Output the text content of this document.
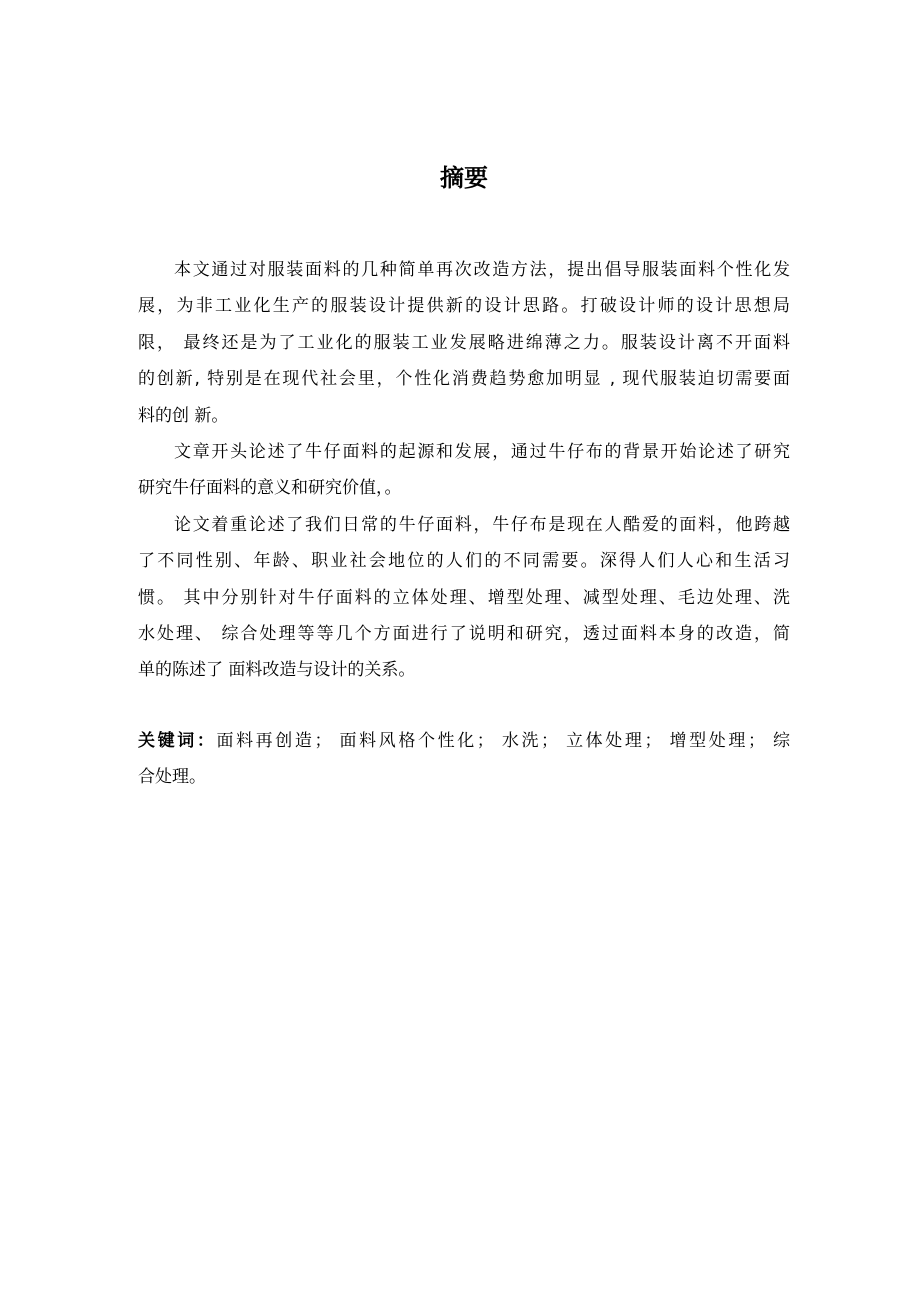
摘要

本文通过对服装面料的几种简单再次改造方法，提出倡导服装面料个性化发
展，为非工业化生产的服装设计提供新的设计思路。打破设计师的设计思想局
限， 最终还是为了工业化的服装工业发展略进绵薄之力。服装设计离不开面料
的创新, 特别是在现代社会里，个性化消费趋势愈加明显 , 现代服装迫切需要面
料的创 新。

文章开头论述了牛仔面料的起源和发展，通过牛仔布的背景开始论述了研究
研究牛仔面料的意义和研究价值，。

论文着重论述了我们日常的牛仔面料，牛仔布是现在人酷爱的面料，他跨越
了不同性别、年龄、职业社会地位的人们的不同需要。深得人们人心和生活习
惯。 其中分别针对牛仔面料的立体处理、增型处理、减型处理、毛边处理、洗
水处理、 综合处理等等几个方面进行了说明和研究，透过面料本身的改造，简
单的陈述了 面料改造与设计的关系。

关键词：面料再创造； 面料风格个性化； 水洗； 立体处理； 增型处理； 综
合处理。
